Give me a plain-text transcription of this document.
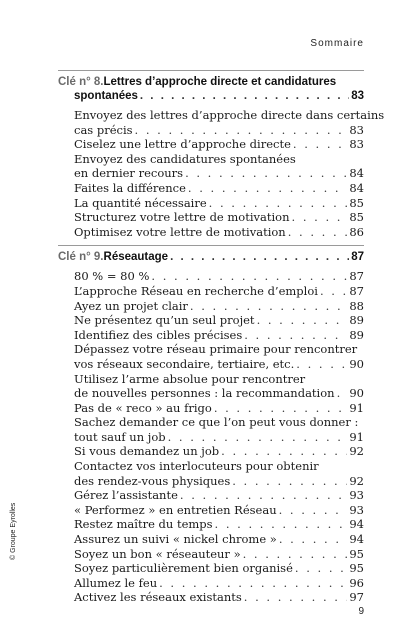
Sommaire
© Groupe Eyrolles
9
Clé n° 8. Lettres d’approche directe et candidatures
spontanées . . .	83
Envoyez des lettres d’approche directe dans certains
cas précis . . .	83
Ciselez une lettre d’approche directe . . .	83
Envoyez des candidatures spontanées
en dernier recours . . .	84
Faites la différence . . .	84
La quantité nécessaire . . .	85
Structurez votre lettre de motivation . . .	85
Optimisez votre lettre de motivation . . .	86
Clé n° 9. Réseautage . . .	87
80 % = 80 % . . .	87
L’approche Réseau en recherche d’emploi . . .	87
Ayez un projet clair . . .	88
Ne présentez qu’un seul projet . . .	89
Identifiez des cibles précises . . .	89
Dépassez votre réseau primaire pour rencontrer
vos réseaux secondaire, tertiaire, etc. . . .	90
Utilisez l’arme absolue pour rencontrer
de nouvelles personnes : la recommandation . . . 90
Pas de « reco » au frigo . . .	91
Sachez demander ce que l’on peut vous donner :
tout sauf un job . . .	91
Si vous demandez un job . . .	92
Contactez vos interlocuteurs pour obtenir
des rendez-vous physiques . . .	92
Gérez l’assistante . . .	93
« Performez » en entretien Réseau . . .	93
Restez maître du temps . . .	94
Assurez un suivi « nickel chrome » . . .	94
Soyez un bon « réseauteur » . . .	95
Soyez particulièrement bien organisé . . .	95
Allumez le feu . . .	96
Activez les réseaux existants . . .	97
